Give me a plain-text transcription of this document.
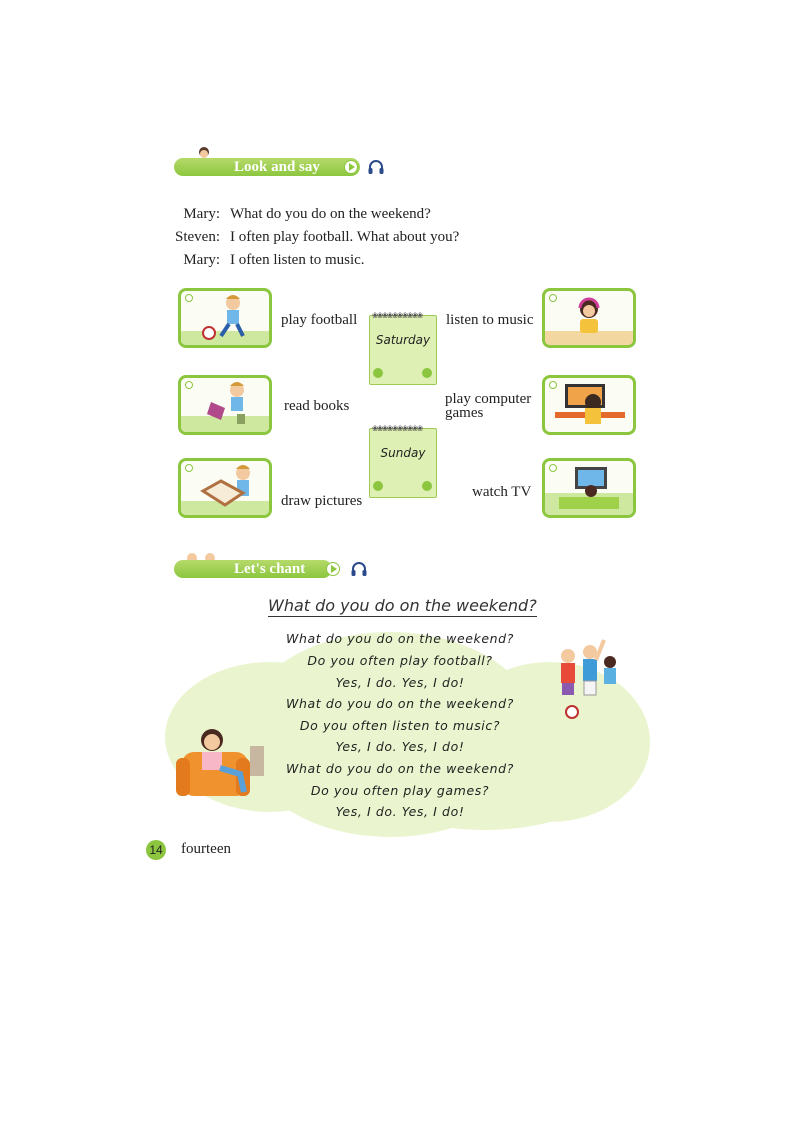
Look and say
Mary: What do you do on the weekend?
Steven: I often play football. What about you?
Mary: I often listen to music.
play football
read books
draw pictures
❀❀❀❀❀❀❀❀❀❀
Saturday
❀❀❀❀❀❀❀❀❀❀
Sunday
listen to music
play computer
games
watch TV
Let's chant
What do you do on the weekend?
What do you do on the weekend?
Do you often play football?
Yes, I do. Yes, I do!
What do you do on the weekend?
Do you often listen to music?
Yes, I do. Yes, I do!
What do you do on the weekend?
Do you often play games?
Yes, I do. Yes, I do!
14 fourteen
